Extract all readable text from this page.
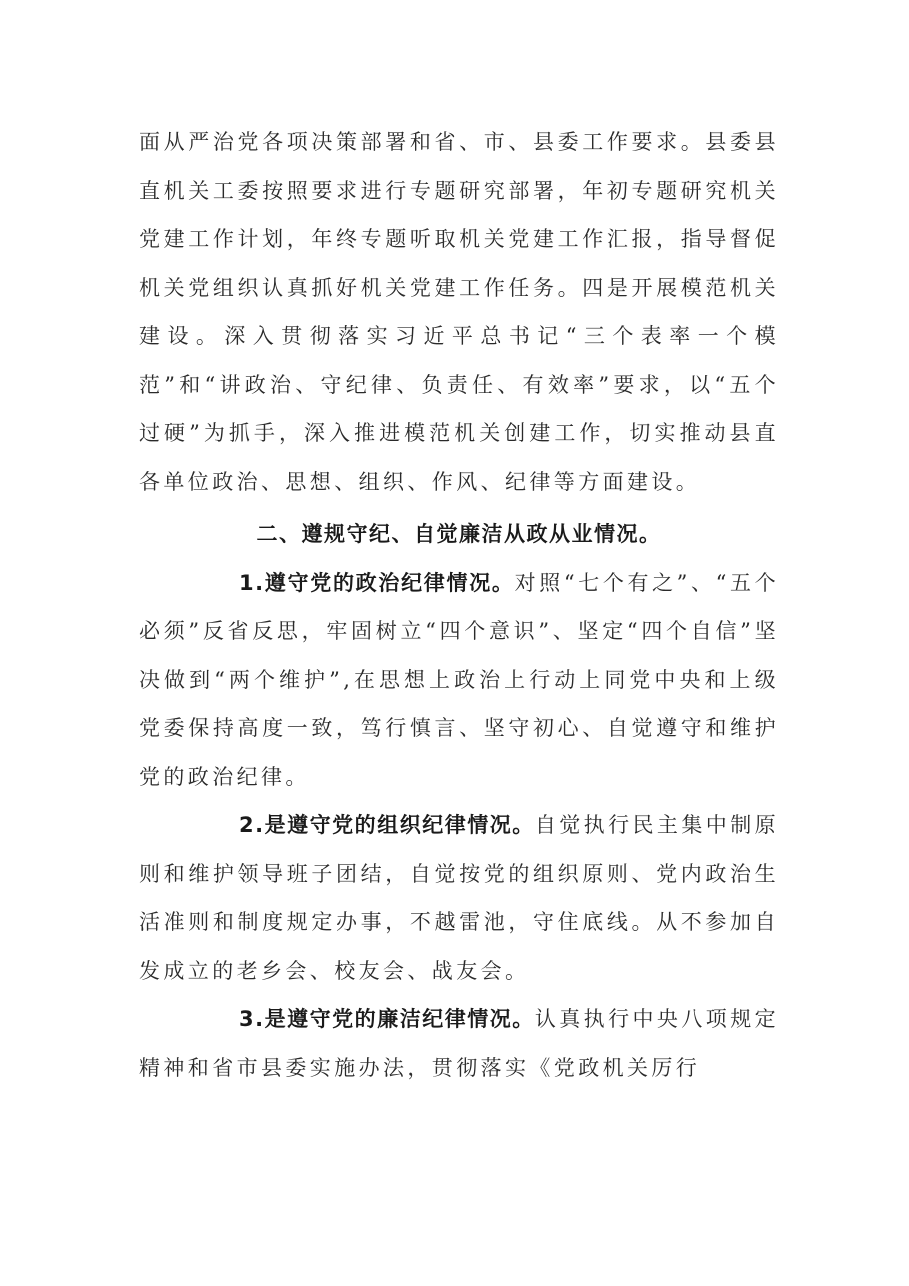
面从严治党各项决策部署和省、市、县委工作要求。县委县直机关工委按照要求进行专题研究部署，年初专题研究机关党建工作计划，年终专题听取机关党建工作汇报，指导督促机关党组织认真抓好机关党建工作任务。四是开展模范机关建设。深入贯彻落实习近平总书记“三个表率一个模范”和“讲政治、守纪律、负责任、有效率”要求，以“五个过硬”为抓手，深入推进模范机关创建工作，切实推动县直各单位政治、思想、组织、作风、纪律等方面建设。

二、遵规守纪、自觉廉洁从政从业情况。

1.遵守党的政治纪律情况。对照“七个有之”、“五个必须”反省反思，牢固树立“四个意识”、坚定“四个自信”坚决做到“两个维护”,在思想上政治上行动上同党中央和上级党委保持高度一致，笃行慎言、坚守初心、自觉遵守和维护党的政治纪律。

2.是遵守党的组织纪律情况。自觉执行民主集中制原则和维护领导班子团结，自觉按党的组织原则、党内政治生活准则和制度规定办事，不越雷池，守住底线。从不参加自发成立的老乡会、校友会、战友会。

3.是遵守党的廉洁纪律情况。认真执行中央八项规定精神和省市县委实施办法，贯彻落实《党政机关厉行
